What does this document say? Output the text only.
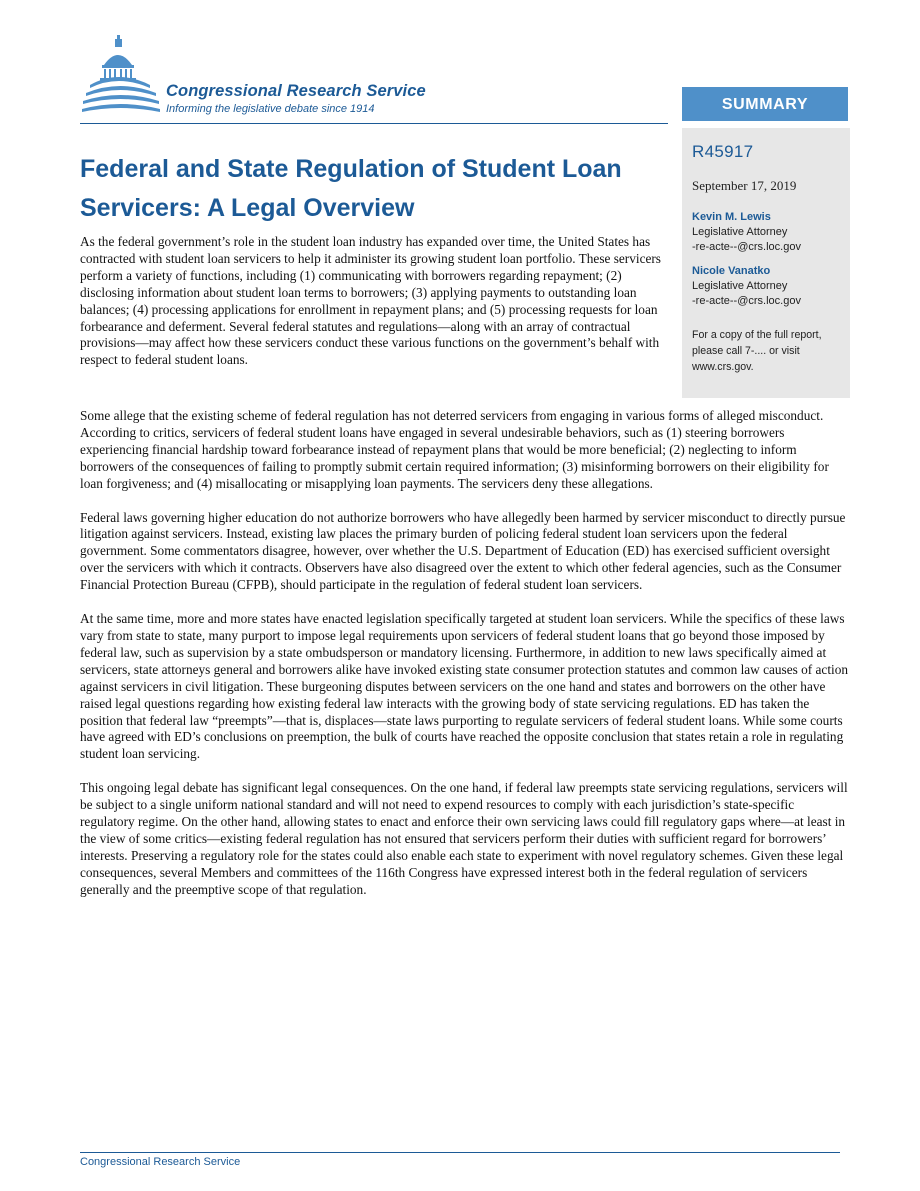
Congressional Research Service

Informing the legislative debate since 1914	SUMMARY

R45917

September 17, 2019

Kevin M. Lewis

Legislative Attorney

-re-acte--@crs.loc.gov

Nicole Vanatko

Legislative Attorney

-re-acte--@crs.loc.gov

For a copy of the full report, please call 7-.... or visit www.crs.gov.

Federal and State Regulation of Student Loan Servicers: A Legal Overview

As the federal government’s role in the student loan industry has expanded over time, the United States has contracted with student loan servicers to help it administer its growing student loan portfolio. These servicers perform a variety of functions, including (1) communicating with borrowers regarding repayment; (2) disclosing information about student loan terms to borrowers; (3) applying payments to outstanding loan balances; (4) processing applications for enrollment in repayment plans; and (5) processing requests for loan forbearance and deferment. Several federal statutes and regulations—along with an array of contractual provisions—may affect how these servicers conduct these various functions on the government’s behalf with respect to federal student loans.

Some allege that the existing scheme of federal regulation has not deterred servicers from engaging in various forms of alleged misconduct. According to critics, servicers of federal student loans have engaged in several undesirable behaviors, such as (1) steering borrowers experiencing financial hardship toward forbearance instead of repayment plans that would be more beneficial; (2) neglecting to inform borrowers of the consequences of failing to promptly submit certain required information; (3) misinforming borrowers on their eligibility for loan forgiveness; and (4) misallocating or misapplying loan payments. The servicers deny these allegations.

Federal laws governing higher education do not authorize borrowers who have allegedly been harmed by servicer misconduct to directly pursue litigation against servicers. Instead, existing law places the primary burden of policing federal student loan servicers upon the federal government. Some commentators disagree, however, over whether the U.S. Department of Education (ED) has exercised sufficient oversight over the servicers with which it contracts. Observers have also disagreed over the extent to which other federal agencies, such as the Consumer Financial Protection Bureau (CFPB), should participate in the regulation of federal student loan servicers.

At the same time, more and more states have enacted legislation specifically targeted at student loan servicers. While the specifics of these laws vary from state to state, many purport to impose legal requirements upon servicers of federal student loans that go beyond those imposed by federal law, such as supervision by a state ombudsperson or mandatory licensing. Furthermore, in addition to new laws specifically aimed at servicers, state attorneys general and borrowers alike have invoked existing state consumer protection statutes and common law causes of action against servicers in civil litigation. These burgeoning disputes between servicers on the one hand and states and borrowers on the other have raised legal questions regarding how existing federal law interacts with the growing body of state servicing regulations. ED has taken the position that federal law “preempts”—that is, displaces—state laws purporting to regulate servicers of federal student loans. While some courts have agreed with ED’s conclusions on preemption, the bulk of courts have reached the opposite conclusion that states retain a role in regulating student loan servicing.

This ongoing legal debate has significant legal consequences. On the one hand, if federal law preempts state servicing regulations, servicers will be subject to a single uniform national standard and will not need to expend resources to comply with each jurisdiction’s state-specific regulatory regime. On the other hand, allowing states to enact and enforce their own servicing laws could fill regulatory gaps where—at least in the view of some critics—existing federal regulation has not ensured that servicers perform their duties with sufficient regard for borrowers’ interests. Preserving a regulatory role for the states could also enable each state to experiment with novel regulatory schemes. Given these legal consequences, several Members and committees of the 116th Congress have expressed interest both in the federal regulation of servicers generally and the preemptive scope of that regulation.

Congressional Research Service
